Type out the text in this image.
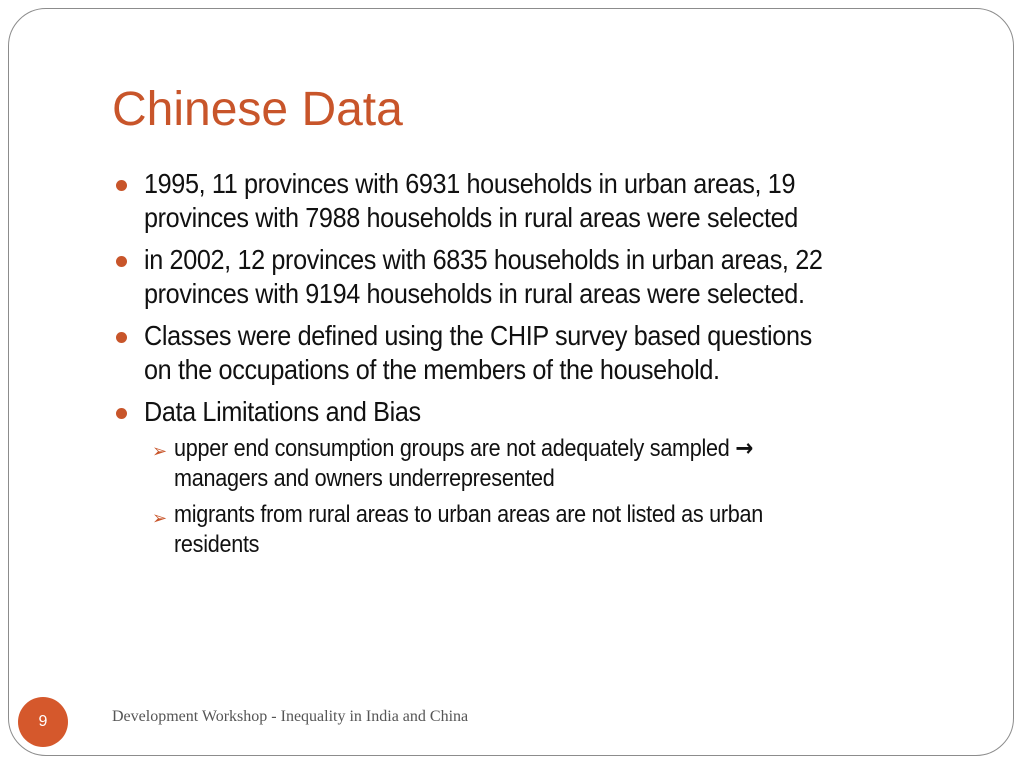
Chinese Data
1995, 11 provinces with 6931 households in urban areas, 19
provinces with 7988 households in rural areas were selected
in 2002, 12 provinces with 6835 households in urban areas, 22
provinces with 9194 households in rural areas were selected.
Classes were defined using the CHIP survey based questions
on the occupations of the members of the household.
Data Limitations and Bias
➢ upper end consumption groups are not adequately sampled →
managers and owners underrepresented
➢ migrants from rural areas to urban areas are not listed as urban
residents
9	Development Workshop - Inequality in India and China
